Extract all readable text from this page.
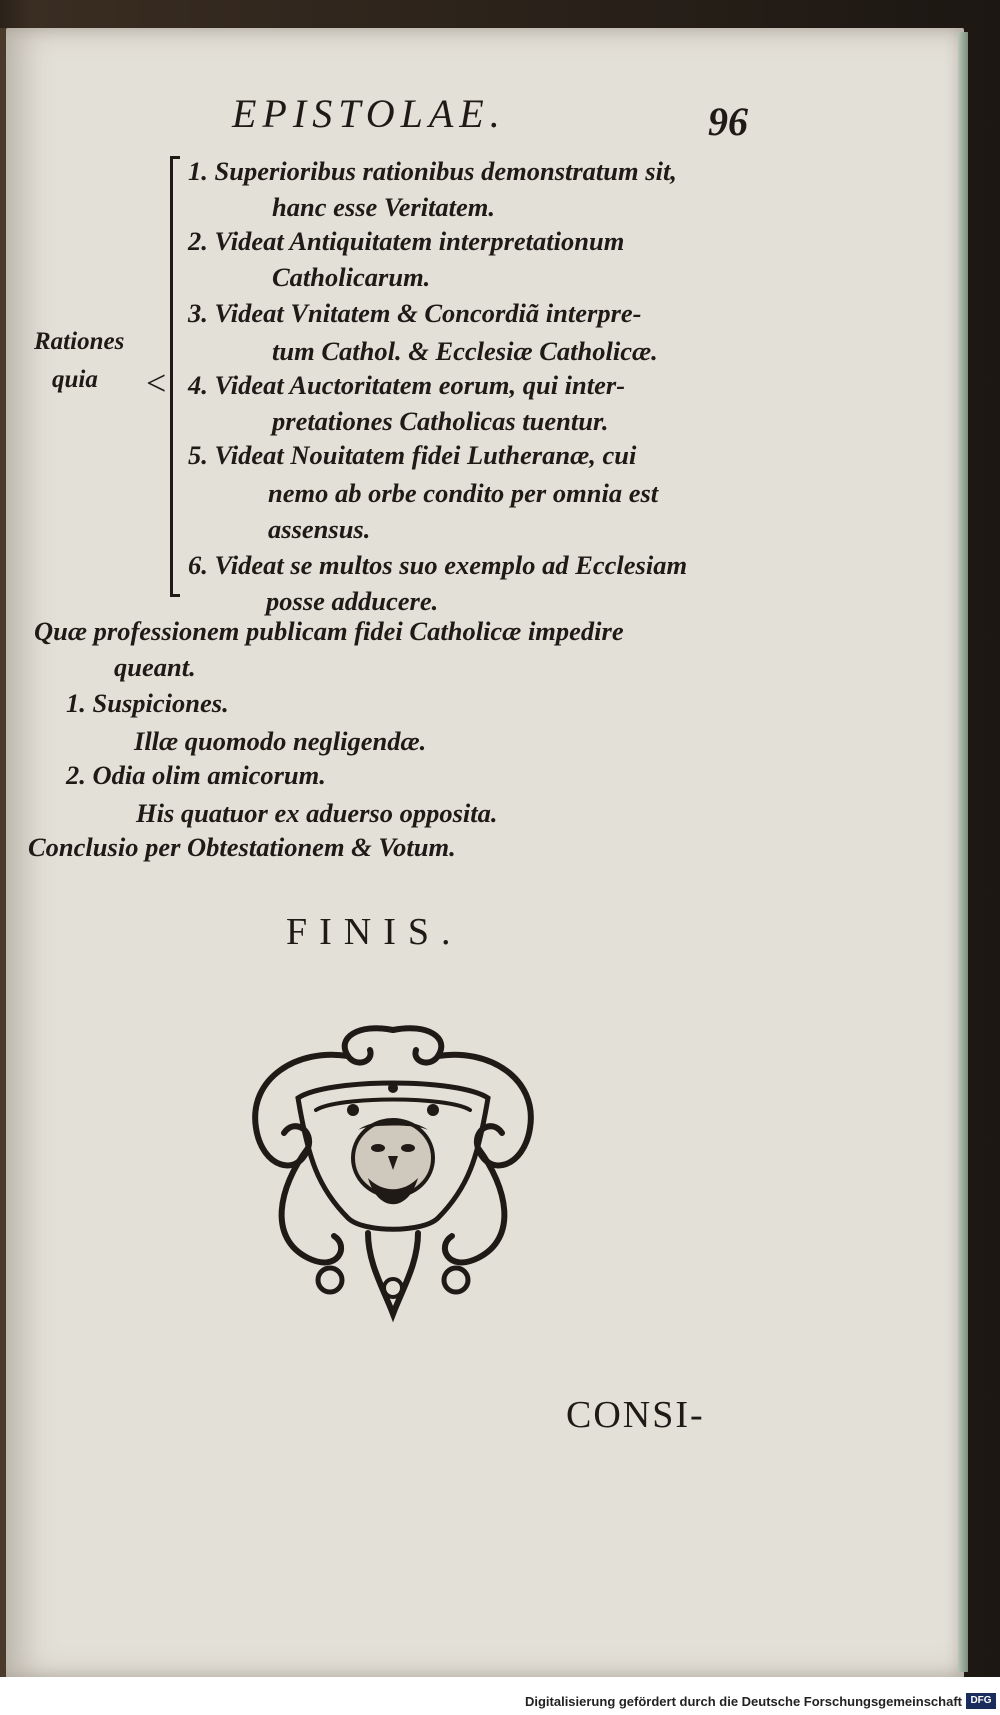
EPISTOLAE.	96
<
Rationes
quia
1. Superioribus rationibus demonstratum sit,
hanc esse Veritatem.
2. Videat Antiquitatem interpretationum
Catholicarum.
3. Videat Vnitatem & Concordiã interpre-
tum Cathol. & Ecclesiæ Catholicæ.
4. Videat Auctoritatem eorum, qui inter-
pretationes Catholicas tuentur.
5. Videat Nouitatem fidei Lutheranæ, cui
nemo ab orbe condito per omnia est
assensus.
6. Videat se multos suo exemplo ad Ecclesiam
posse adducere.
Quæ professionem publicam fidei Catholicæ impedire
queant.
1. Suspiciones.
Illæ quomodo negligendæ.
2. Odia olim amicorum.
His quatuor ex aduerso opposita.
Conclusio per Obtestationem & Votum.
FINIS.
CONSI-
Digitalisierung gefördert durch die Deutsche Forschungsgemeinschaft DFG
